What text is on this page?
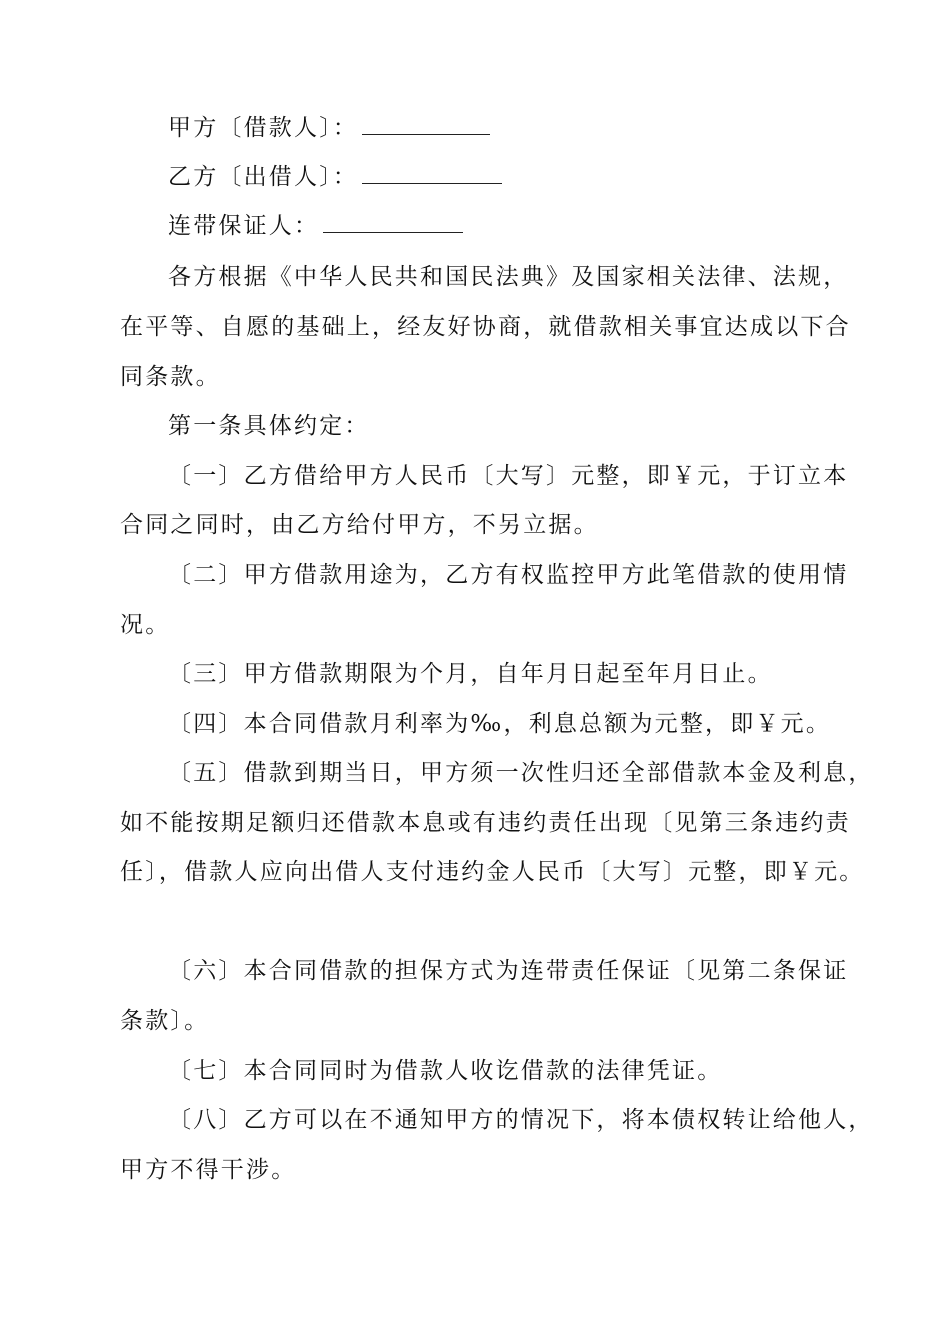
甲方〔借款人〕：
乙方〔出借人〕：
连带保证人：
各方根据《中华人民共和国民法典》及国家相关法律、法规，
在平等、自愿的基础上，经友好协商，就借款相关事宜达成以下合
同条款。
第一条具体约定：
〔一〕乙方借给甲方人民币〔大写〕元整，即￥元，于订立本
合同之同时，由乙方给付甲方，不另立据。
〔二〕甲方借款用途为，乙方有权监控甲方此笔借款的使用情
况。
〔三〕甲方借款期限为个月，自年月日起至年月日止。
〔四〕本合同借款月利率为‰，利息总额为元整，即￥元。
〔五〕借款到期当日，甲方须一次性归还全部借款本金及利息，
如不能按期足额归还借款本息或有违约责任出现〔见第三条违约责
任〕，借款人应向出借人支付违约金人民币〔大写〕元整，即￥元。
〔六〕本合同借款的担保方式为连带责任保证〔见第二条保证
条款〕。
〔七〕本合同同时为借款人收讫借款的法律凭证。
〔八〕乙方可以在不通知甲方的情况下，将本债权转让给他人，
甲方不得干涉。
